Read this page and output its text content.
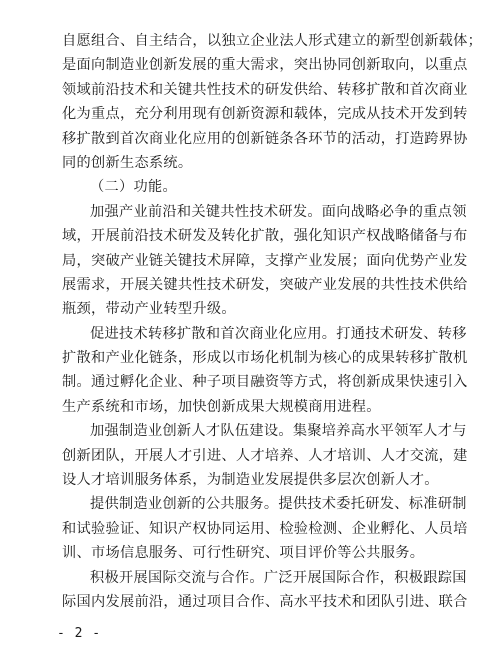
自愿组合、自主结合，以独立企业法人形式建立的新型创新载体；
是面向制造业创新发展的重大需求，突出协同创新取向，以重点
领域前沿技术和关键共性技术的研发供给、转移扩散和首次商业
化为重点，充分利用现有创新资源和载体，完成从技术开发到转
移扩散到首次商业化应用的创新链条各环节的活动，打造跨界协
同的创新生态系统。
（二）功能。
加强产业前沿和关键共性技术研发。面向战略必争的重点领
域，开展前沿技术研发及转化扩散，强化知识产权战略储备与布
局，突破产业链关键技术屏障，支撑产业发展；面向优势产业发
展需求，开展关键共性技术研发，突破产业发展的共性技术供给
瓶颈，带动产业转型升级。
促进技术转移扩散和首次商业化应用。打通技术研发、转移
扩散和产业化链条，形成以市场化机制为核心的成果转移扩散机
制。通过孵化企业、种子项目融资等方式，将创新成果快速引入
生产系统和市场，加快创新成果大规模商用进程。
加强制造业创新人才队伍建设。集聚培养高水平领军人才与
创新团队，开展人才引进、人才培养、人才培训、人才交流，建
设人才培训服务体系，为制造业发展提供多层次创新人才。
提供制造业创新的公共服务。提供技术委托研发、标准研制
和试验验证、知识产权协同运用、检验检测、企业孵化、人员培
训、市场信息服务、可行性研究、项目评价等公共服务。
积极开展国际交流与合作。广泛开展国际合作，积极跟踪国
际国内发展前沿，通过项目合作、高水平技术和团队引进、联合
- 2 -
